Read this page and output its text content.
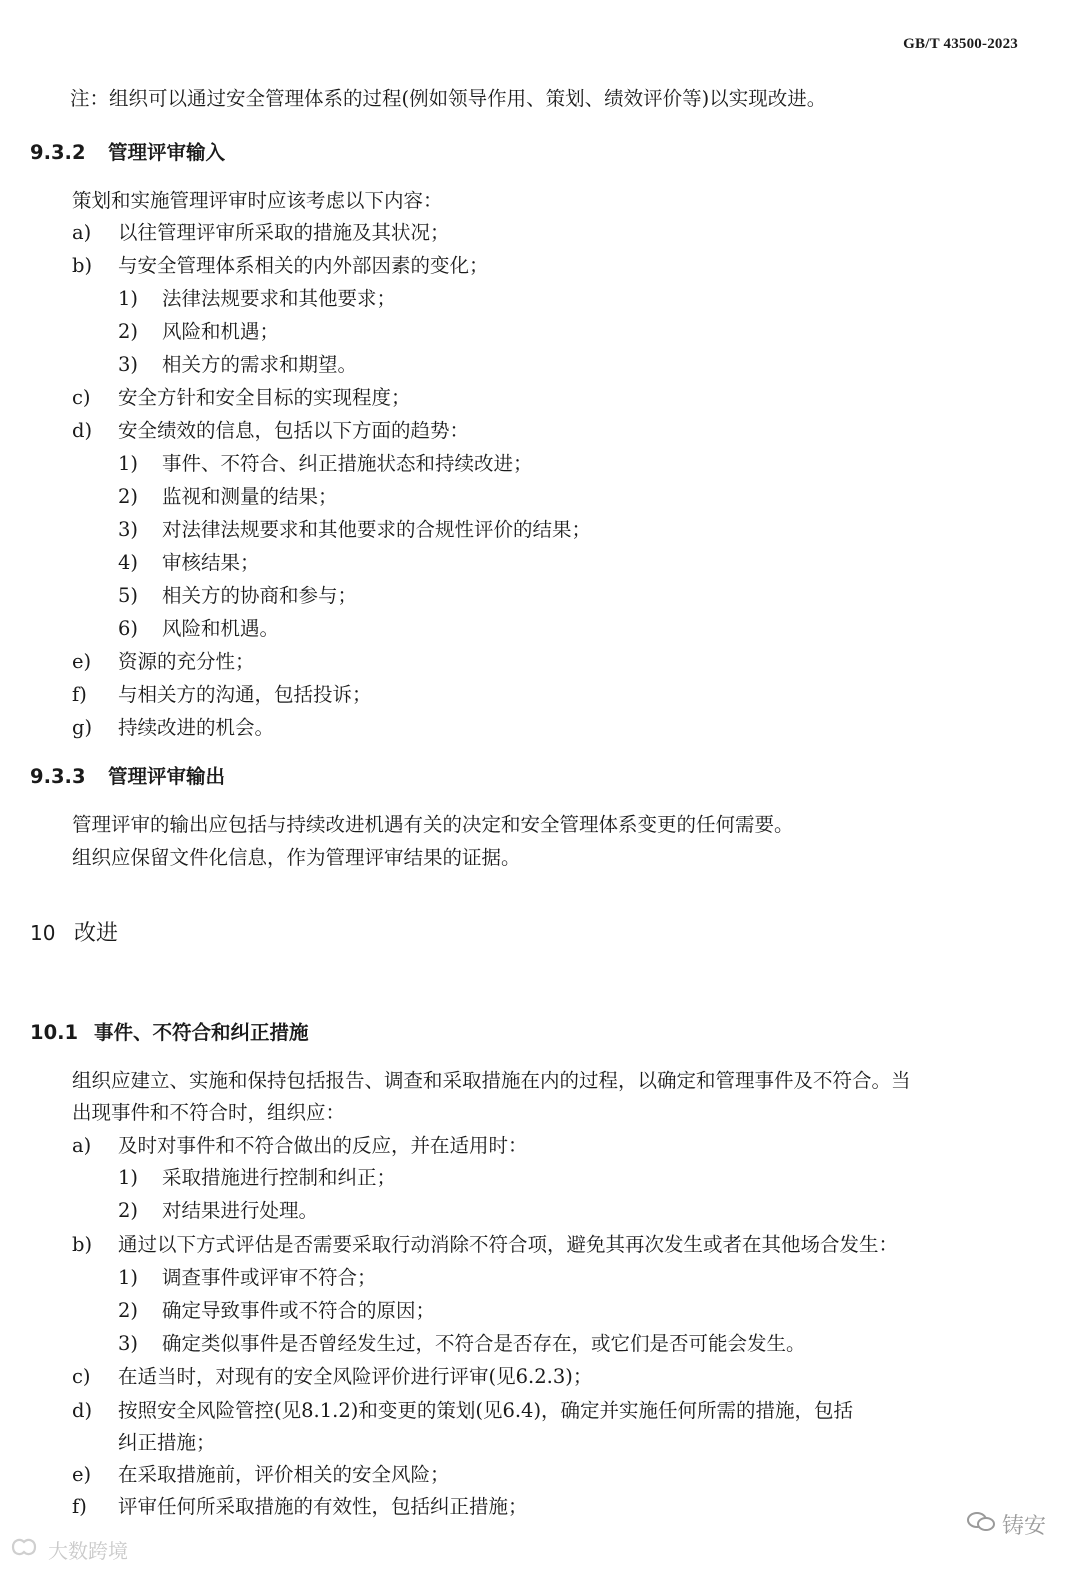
GB/T 43500-2023
注：组织可以通过安全管理体系的过程(例如领导作用、策划、绩效评价等)以实现改进。
9.3.2 管理评审输入
策划和实施管理评审时应该考虑以下内容：
a) 以往管理评审所采取的措施及其状况；
b) 与安全管理体系相关的内外部因素的变化；
1) 法律法规要求和其他要求；
2) 风险和机遇；
3) 相关方的需求和期望。
c) 安全方针和安全目标的实现程度；
d) 安全绩效的信息，包括以下方面的趋势：
1) 事件、不符合、纠正措施状态和持续改进；
2) 监视和测量的结果；
3) 对法律法规要求和其他要求的合规性评价的结果；
4) 审核结果；
5) 相关方的协商和参与；
6) 风险和机遇。
e) 资源的充分性；
f) 与相关方的沟通，包括投诉；
g) 持续改进的机会。
9.3.3 管理评审输出
管理评审的输出应包括与持续改进机遇有关的决定和安全管理体系变更的任何需要。
组织应保留文件化信息，作为管理评审结果的证据。
10 改进
10.1 事件、不符合和纠正措施
组织应建立、实施和保持包括报告、调查和采取措施在内的过程，以确定和管理事件及不符合。当
出现事件和不符合时，组织应：
a) 及时对事件和不符合做出的反应，并在适用时：
1) 采取措施进行控制和纠正；
2) 对结果进行处理。
b) 通过以下方式评估是否需要采取行动消除不符合项，避免其再次发生或者在其他场合发生：
1) 调查事件或评审不符合；
2) 确定导致事件或不符合的原因；
3) 确定类似事件是否曾经发生过，不符合是否存在，或它们是否可能会发生。
c) 在适当时，对现有的安全风险评价进行评审(见6.2.3)；
d) 按照安全风险管控(见8.1.2)和变更的策划(见6.4)，确定并实施任何所需的措施，包括
纠正措施；
e) 在采取措施前，评价相关的安全风险；
f) 评审任何所采取措施的有效性，包括纠正措施；
大数跨境
铸安
